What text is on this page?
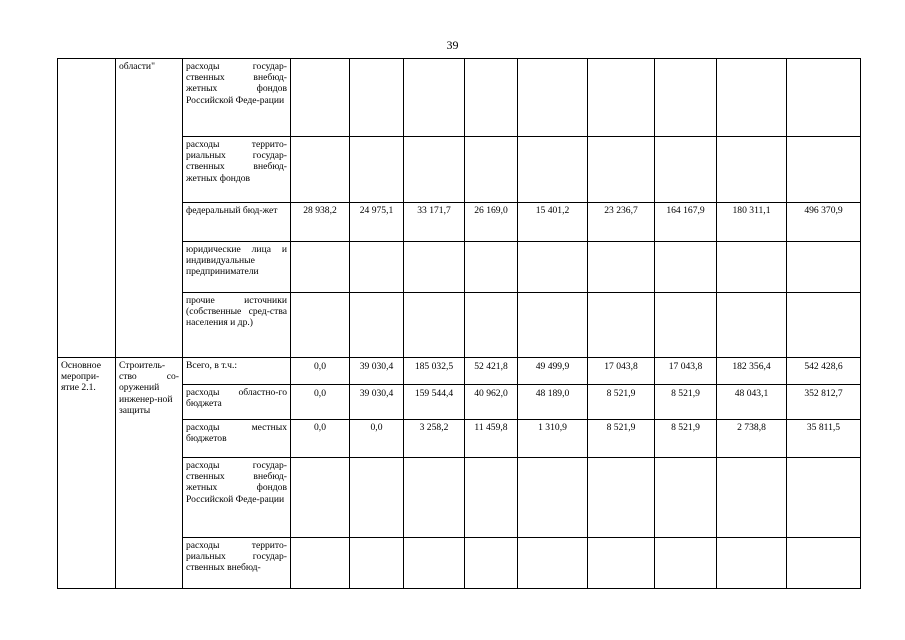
39
	области"	расходы государ-ственных внебюд-жетных фондов Российской Феде-рации									
		расходы террито-риальных государ-ственных внебюд-жетных фондов									
		федеральный бюд-жет	28 938,2	24 975,1	33 171,7	26 169,0	15 401,2	23 236,7	164 167,9	180 311,1	496 370,9
		юридические лица и индивидуальные предприниматели									
		прочие источники (собственные сред-ства населения и др.)									
Основное меропри-ятие 2.1.	Строитель-ство со-оружений инженер-ной защиты	Всего, в т.ч.:	0,0	39 030,4	185 032,5	52 421,8	49 499,9	17 043,8	17 043,8	182 356,4	542 428,6
		расходы областно-го бюджета	0,0	39 030,4	159 544,4	40 962,0	48 189,0	8 521,9	8 521,9	48 043,1	352 812,7
		расходы местных бюджетов	0,0	0,0	3 258,2	11 459,8	1 310,9	8 521,9	8 521,9	2 738,8	35 811,5
		расходы государ-ственных внебюд-жетных фондов Российской Феде-рации									
		расходы террито-риальных государ-ственных внебюд-									
